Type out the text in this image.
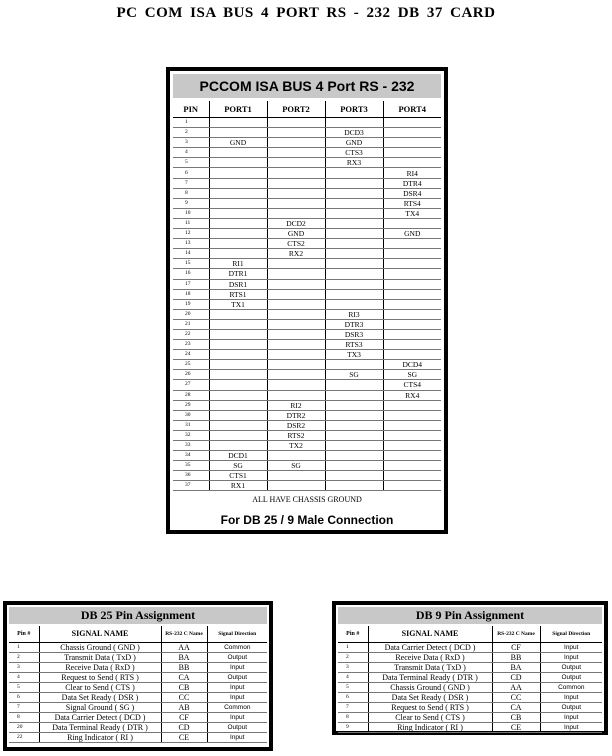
PC COM ISA BUS 4 PORT RS - 232 DB 37 CARD
PCCOM ISA BUS 4 Port RS - 232
PIN	PORT1	PORT2	PORT3	PORT4
1				
2			DCD3	
3	GND		GND	
4			CTS3	
5			RX3	
6				RI4
7				DTR4
8				DSR4
9				RTS4
10				TX4
11		DCD2		
12		GND		GND
13		CTS2		
14		RX2		
15	RI1			
16	DTR1			
17	DSR1			
18	RTS1			
19	TX1			
20			RI3	
21			DTR3	
22			DSR3	
23			RTS3	
24			TX3	
25				DCD4
26			SG	SG
27				CTS4
28				RX4
29		RI2		
30		DTR2		
31		DSR2		
32		RTS2		
33		TX2		
34	DCD1			
35	SG	SG		
36	CTS1			
37	RX1			
ALL HAVE CHASSIS GROUND
For DB 25 / 9 Male Connection
DB 25 Pin Assignment
Pin #	SIGNAL NAME	RS-232 C Name	Signal Direction
1	Chassis Ground ( GND )	AA	Common
2	Transmit Data ( TxD )	BA	Output
3	Receive Data ( RxD )	BB	Input
4	Request to Send ( RTS )	CA	Output
5	Clear to Send ( CTS )	CB	Input
6	Data Set Ready ( DSR )	CC	Input
7	Signal Ground ( SG )	AB	Common
8	Data Carrier Detect ( DCD )	CF	Input
20	Data Terminal Ready ( DTR )	CD	Output
22	Ring Indicator ( RI )	CE	Input
DB 9 Pin Assignment
Pin #	SIGNAL NAME	RS-232 C Name	Signal Direction
1	Data Carrier Detect ( DCD )	CF	Input
2	Receive Data ( RxD )	BB	Input
3	Transmit Data ( TxD )	BA	Output
4	Data Terminal Ready ( DTR )	CD	Output
5	Chassis Ground ( GND )	AA	Common
6	Data Set Ready ( DSR )	CC	Input
7	Request to Send ( RTS )	CA	Output
8	Clear to Send ( CTS )	CB	Input
9	Ring Indicator ( RI )	CE	Input
